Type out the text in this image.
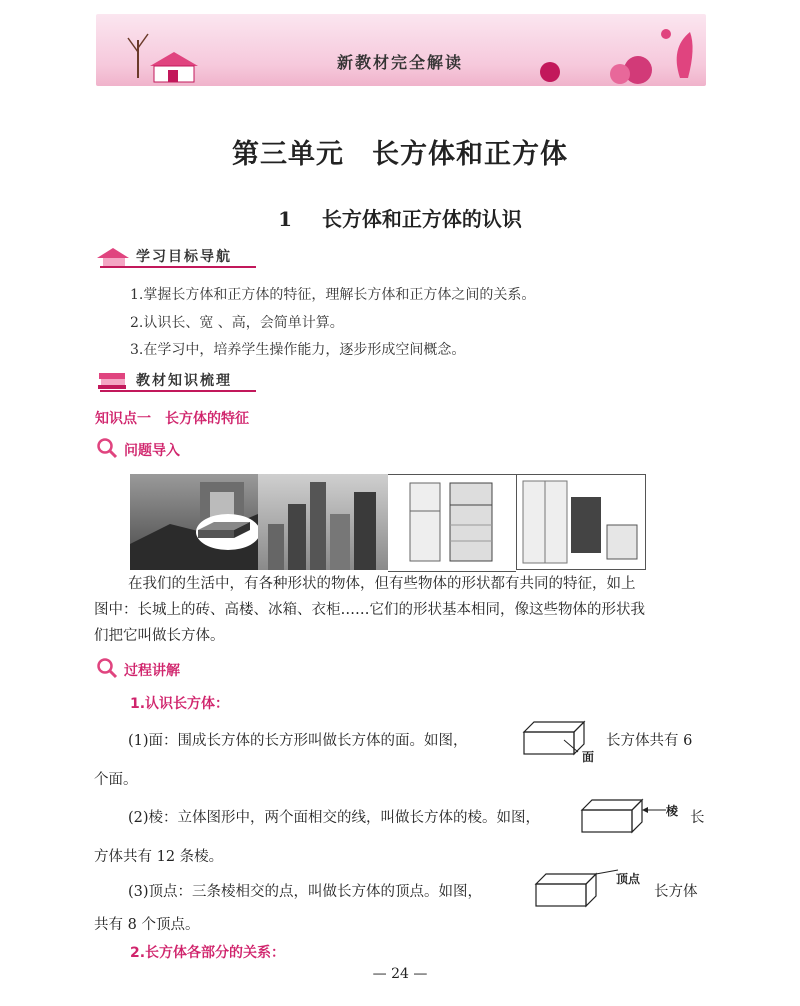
新教材完全解读
第三单元　长方体和正方体
1 长方体和正方体的认识
学习目标导航
1.掌握长方体和正方体的特征，理解长方体和正方体之间的关系。
2.认识长、宽 、高，会简单计算。
3.在学习中，培养学生操作能力，逐步形成空间概念。
教材知识梳理
知识点一　长方体的特征
问题导入
在我们的生活中，有各种形状的物体，但有些物体的形状都有共同的特征，如上
图中：长城上的砖、高楼、冰箱、衣柜……它们的形状基本相同，像这些物体的形状我
们把它叫做长方体。
过程讲解
1.认识长方体：
(1)面：围成长方体的长方形叫做长方体的面。如图，
面
长方体共有 6
个面。
(2)棱：立体图形中，两个面相交的线，叫做长方体的棱。如图，	棱 长
方体共有 12 条棱。
(3)顶点：三条棱相交的点，叫做长方体的顶点。如图，
顶点
长方体
共有 8 个顶点。
2.长方体各部分的关系：
— 24 —
